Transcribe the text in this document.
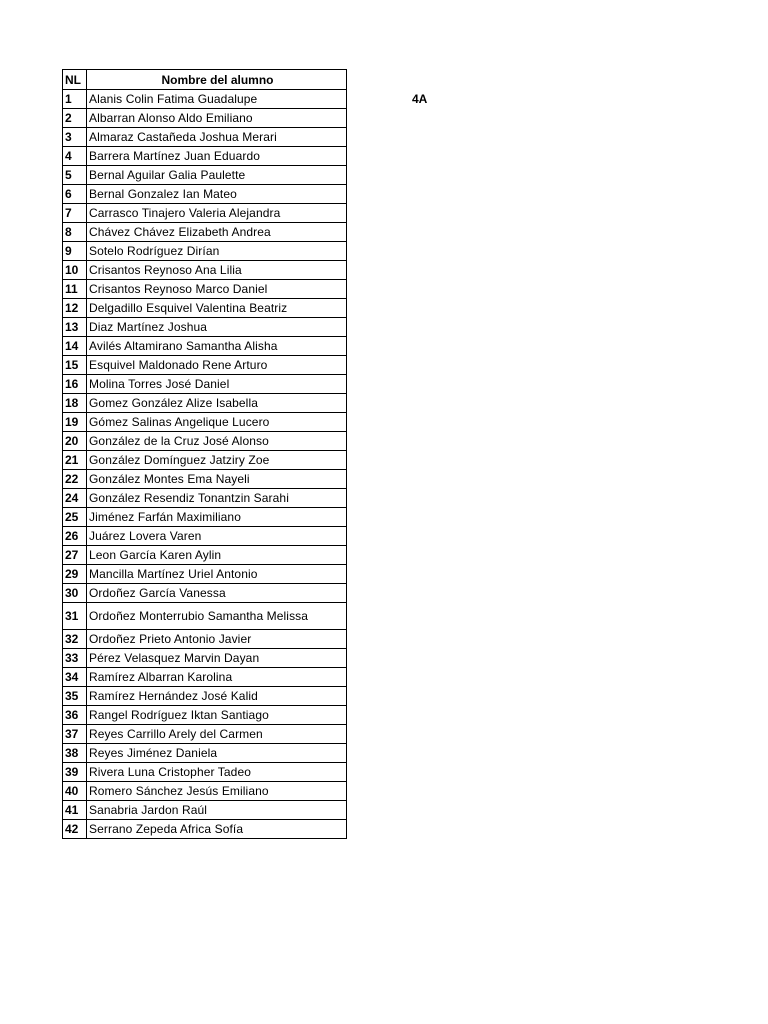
NL	Nombre del alumno
1	Alanis Colin Fatima Guadalupe
2	Albarran Alonso Aldo Emiliano
3	Almaraz Castañeda Joshua Merari
4	Barrera Martínez Juan Eduardo
5	Bernal Aguilar Galia Paulette
6	Bernal Gonzalez Ian Mateo
7	Carrasco Tinajero Valeria Alejandra
8	Chávez Chávez Elizabeth Andrea
9	Sotelo Rodríguez Dirían
10	Crisantos Reynoso Ana Lilia
11	Crisantos Reynoso Marco Daniel
12	Delgadillo Esquivel Valentina Beatriz
13	Diaz Martínez Joshua
14	Avilés Altamirano Samantha Alisha
15	Esquivel Maldonado Rene Arturo
16	Molina Torres José Daniel
18	Gomez González Alize Isabella
19	Gómez Salinas Angelique Lucero
20	González de la Cruz José Alonso
21	González Domínguez Jatziry Zoe
22	González Montes Ema Nayeli
24	González Resendiz Tonantzin Sarahi
25	Jiménez Farfán Maximiliano
26	Juárez Lovera Varen
27	Leon García Karen Aylin
29	Mancilla Martínez Uriel Antonio
30	Ordoñez García Vanessa
31	Ordoñez Monterrubio Samantha Melissa
32	Ordoñez Prieto Antonio Javier
33	Pérez Velasquez Marvin Dayan
34	Ramírez Albarran Karolina
35	Ramírez Hernández José Kalid
36	Rangel Rodríguez Iktan Santiago
37	Reyes Carrillo Arely del Carmen
38	Reyes Jiménez Daniela
39	Rivera Luna Cristopher Tadeo
40	Romero Sánchez Jesús Emiliano
41	Sanabria Jardon Raúl
42	Serrano Zepeda Africa Sofía
4A
